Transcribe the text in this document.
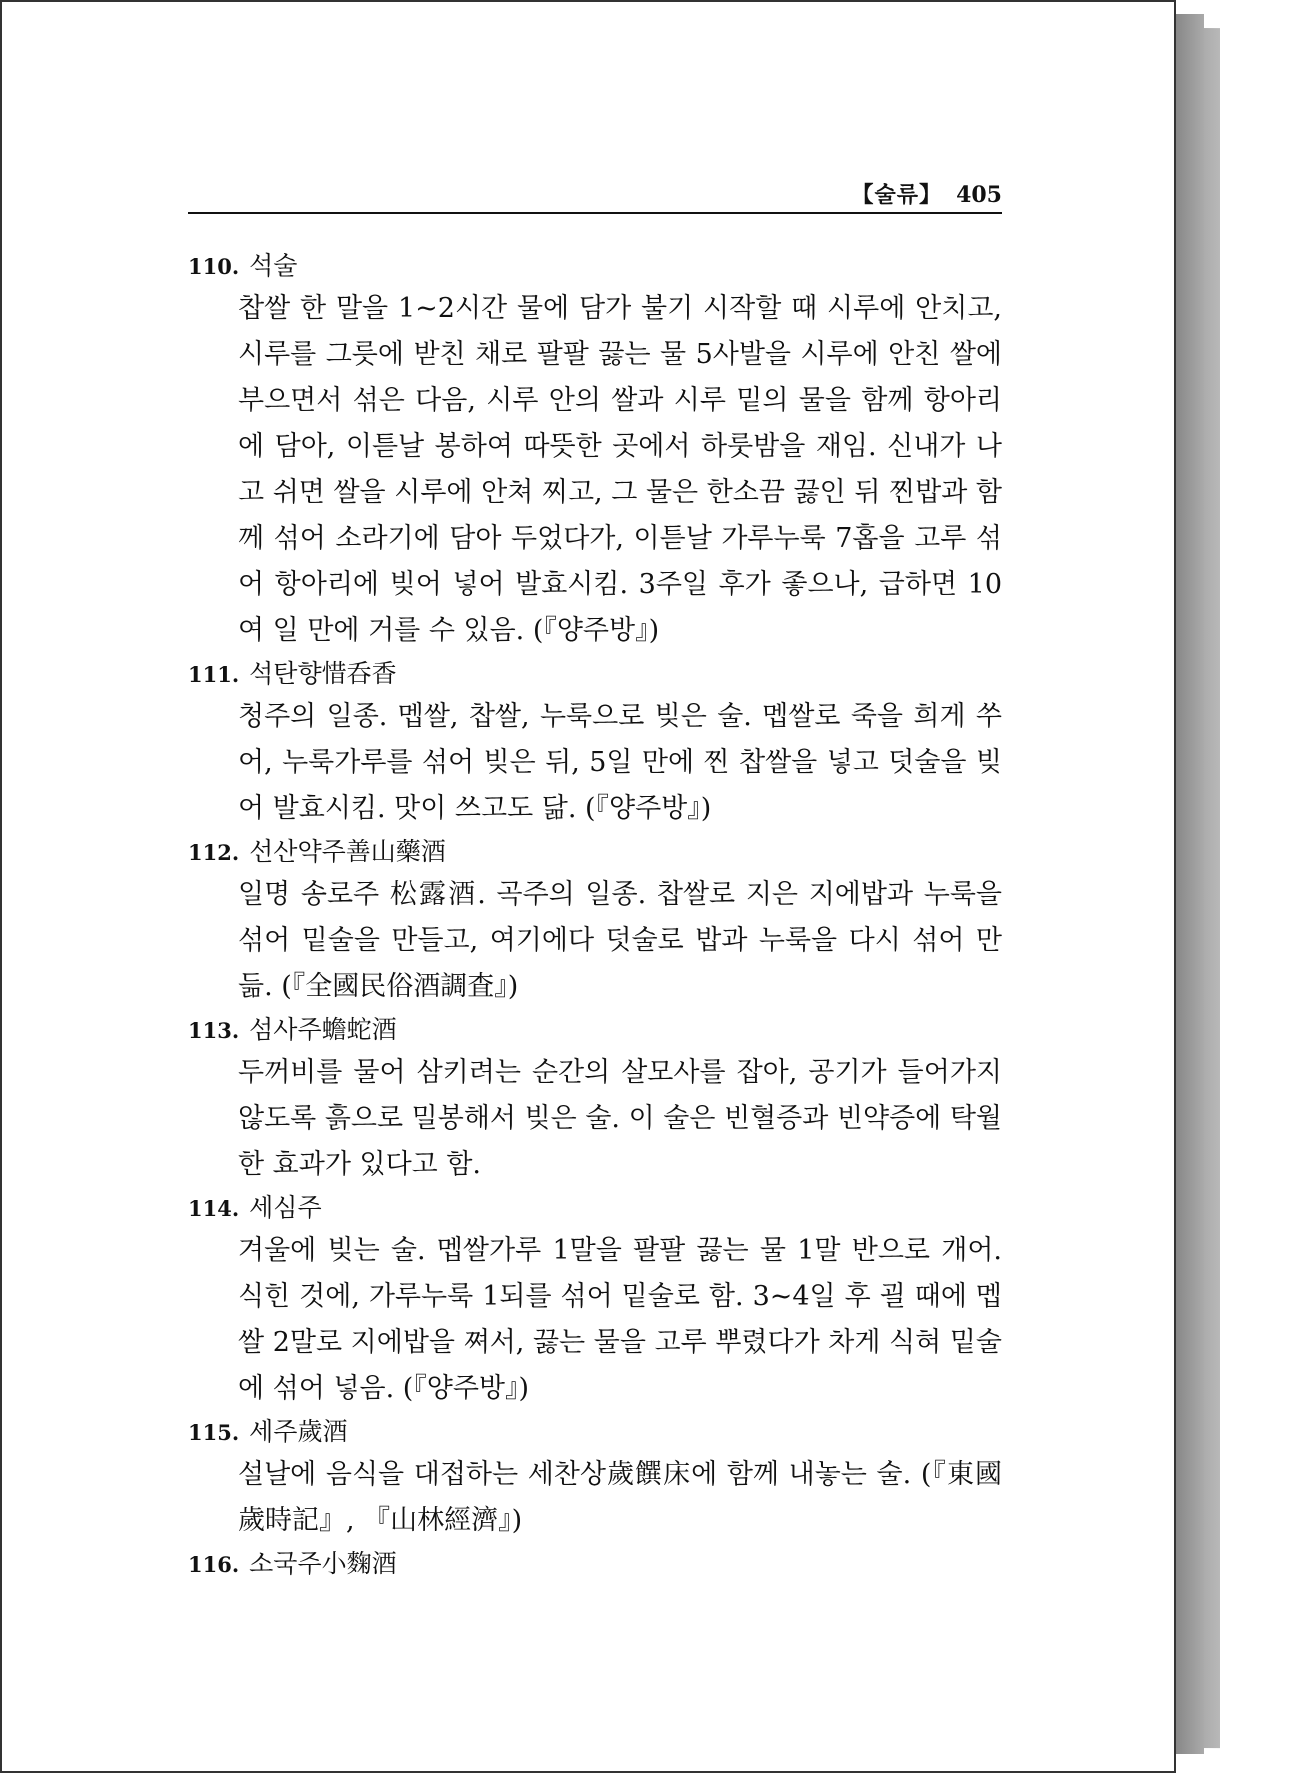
【술류】 405
110. 석술
찹쌀 한 말을 1~2시간 물에 담가 불기 시작할 때 시루에 안치고, 시루를 그릇에 받친 채로 팔팔 끓는 물 5사발을 시루에 안친 쌀에 부으면서 섞은 다음, 시루 안의 쌀과 시루 밑의 물을 함께 항아리에 담아, 이튿날 봉하여 따뜻한 곳에서 하룻밤을 재임. 신내가 나고 쉬면 쌀을 시루에 안쳐 찌고, 그 물은 한소끔 끓인 뒤 찐밥과 함께 섞어 소라기에 담아 두었다가, 이튿날 가루누룩 7홉을 고루 섞어 항아리에 빚어 넣어 발효시킴. 3주일 후가 좋으나, 급하면 10여 일 만에 거를 수 있음. (『양주방』)
111. 석탄향惜呑香
청주의 일종. 멥쌀, 찹쌀, 누룩으로 빚은 술. 멥쌀로 죽을 희게 쑤어, 누룩가루를 섞어 빚은 뒤, 5일 만에 찐 찹쌀을 넣고 덧술을 빚어 발효시킴. 맛이 쓰고도 닮. (『양주방』)
112. 선산약주善山藥酒
일명 송로주 松露酒. 곡주의 일종. 찹쌀로 지은 지에밥과 누룩을 섞어 밑술을 만들고, 여기에다 덧술로 밥과 누룩을 다시 섞어 만듦. (『全國民俗酒調査』)
113. 섬사주蟾蛇酒
두꺼비를 물어 삼키려는 순간의 살모사를 잡아, 공기가 들어가지 않도록 흙으로 밀봉해서 빚은 술. 이 술은 빈혈증과 빈약증에 탁월한 효과가 있다고 함.
114. 세심주
겨울에 빚는 술. 멥쌀가루 1말을 팔팔 끓는 물 1말 반으로 개어. 식힌 것에, 가루누룩 1되를 섞어 밑술로 함. 3~4일 후 괼 때에 멥쌀 2말로 지에밥을 쪄서, 끓는 물을 고루 뿌렸다가 차게 식혀 밑술에 섞어 넣음. (『양주방』)
115. 세주歲酒
설날에 음식을 대접하는 세찬상歲饌床에 함께 내놓는 술. (『東國歲時記』, 『山林經濟』)
116. 소국주小麴酒
